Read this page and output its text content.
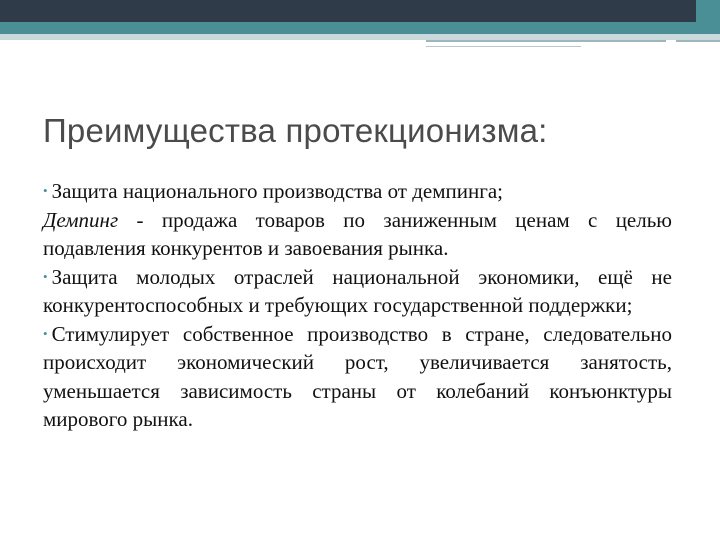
Преимущества протекционизма:

• Защита национального производства от демпинга;

Демпинг - продажа товаров по заниженным ценам с целью подавления конкурентов и завоевания рынка.

• Защита молодых отраслей национальной экономики, ещё не конкурентоспособных и требующих государственной поддержки;

• Стимулирует собственное производство в стране, следовательно происходит экономический рост, увеличивается занятость, уменьшается зависимость страны от колебаний конъюнктуры мирового рынка.
